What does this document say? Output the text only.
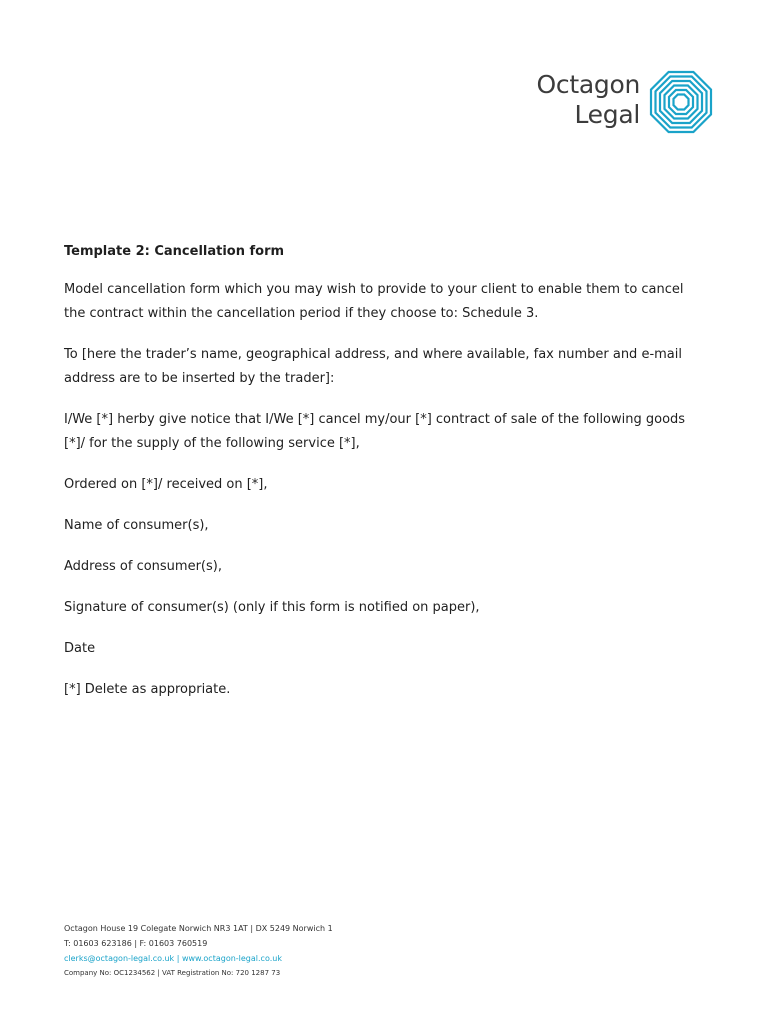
Octagon
Legal
Template 2: Cancellation form

Model cancellation form which you may wish to provide to your client to enable them to cancel the contract within the cancellation period if they choose to: Schedule 3.

To [here the trader’s name, geographical address, and where available, fax number and e-mail address are to be inserted by the trader]:

I/We [*] herby give notice that I/We [*] cancel my/our [*] contract of sale of the following goods [*]/ for the supply of the following service [*],

Ordered on [*]/ received on [*],

Name of consumer(s),

Address of consumer(s),

Signature of consumer(s) (only if this form is notified on paper),

Date

[*] Delete as appropriate.

Octagon House 19 Colegate Norwich NR3 1AT | DX 5249 Norwich 1
T: 01603 623186 | F: 01603 760519
clerks@octagon-legal.co.uk | www.octagon-legal.co.uk
Company No: OC1234562 | VAT Registration No: 720 1287 73
